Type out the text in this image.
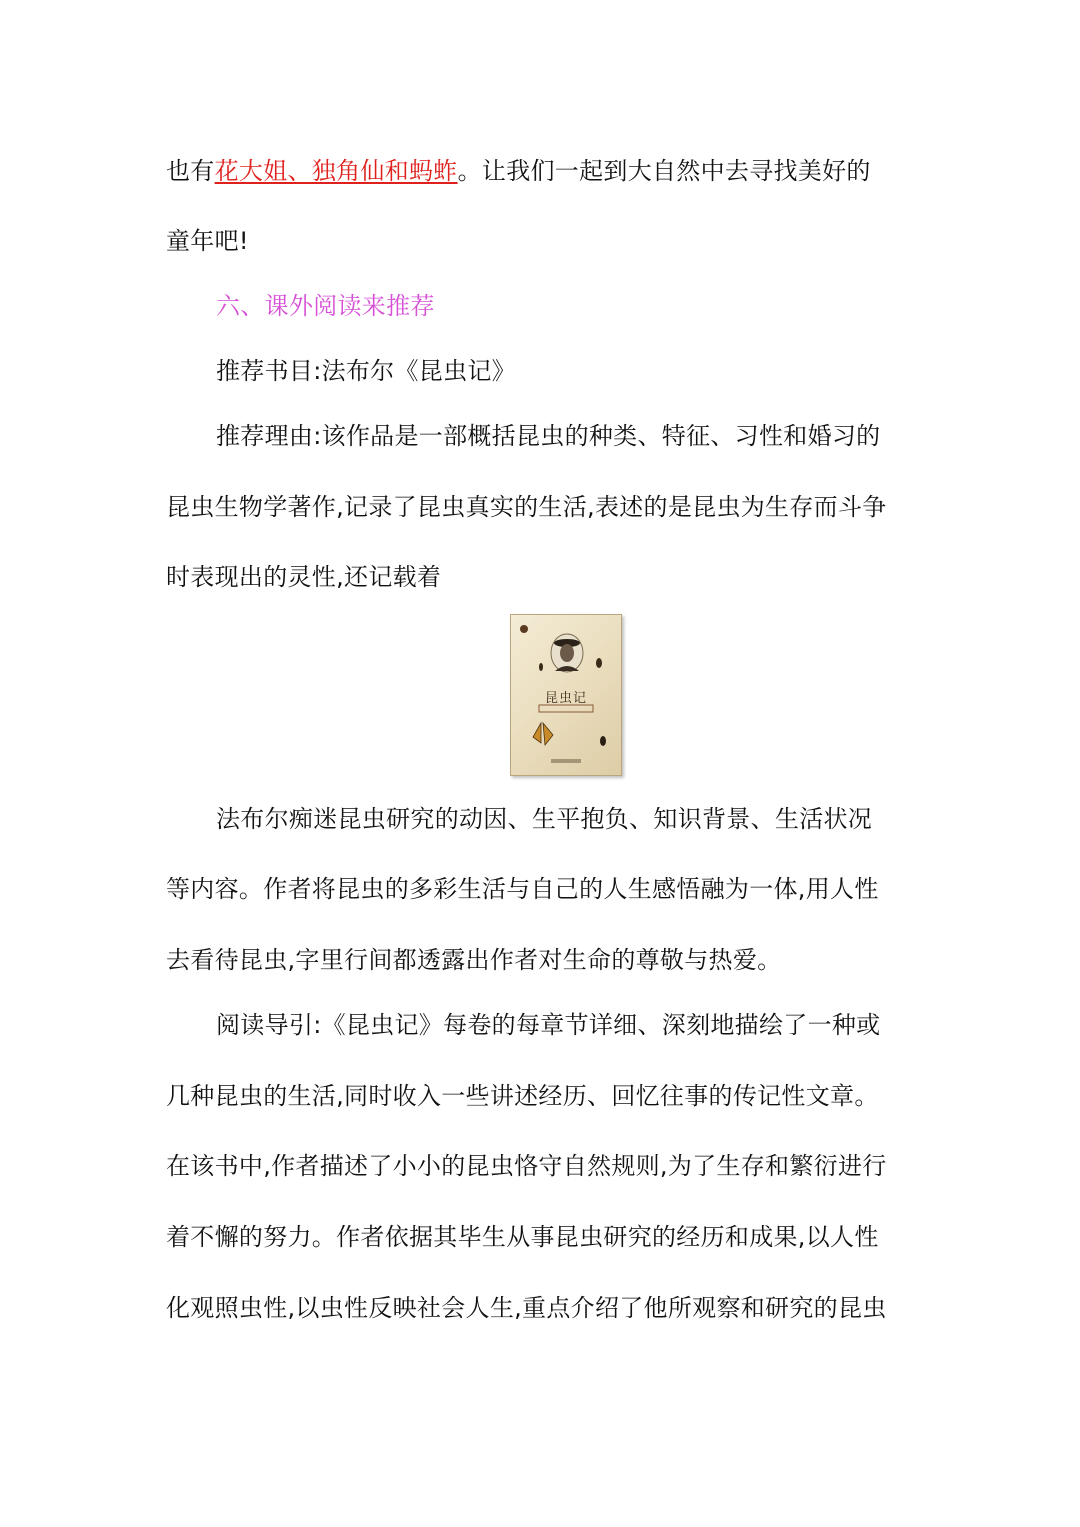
也有花大姐、独角仙和蚂蚱。让我们一起到大自然中去寻找美好的
童年吧!
六、课外阅读来推荐
推荐书目:法布尔《昆虫记》
推荐理由:该作品是一部概括昆虫的种类、特征、习性和婚习的
昆虫生物学著作,记录了昆虫真实的生活,表述的是昆虫为生存而斗争
时表现出的灵性,还记载着
昆虫记
法布尔痴迷昆虫研究的动因、生平抱负、知识背景、生活状况
等内容。作者将昆虫的多彩生活与自己的人生感悟融为一体,用人性
去看待昆虫,字里行间都透露出作者对生命的尊敬与热爱。
阅读导引:《昆虫记》每卷的每章节详细、深刻地描绘了一种或
几种昆虫的生活,同时收入一些讲述经历、回忆往事的传记性文章。
在该书中,作者描述了小小的昆虫恪守自然规则,为了生存和繁衍进行
着不懈的努力。作者依据其毕生从事昆虫研究的经历和成果,以人性
化观照虫性,以虫性反映社会人生,重点介绍了他所观察和研究的昆虫
